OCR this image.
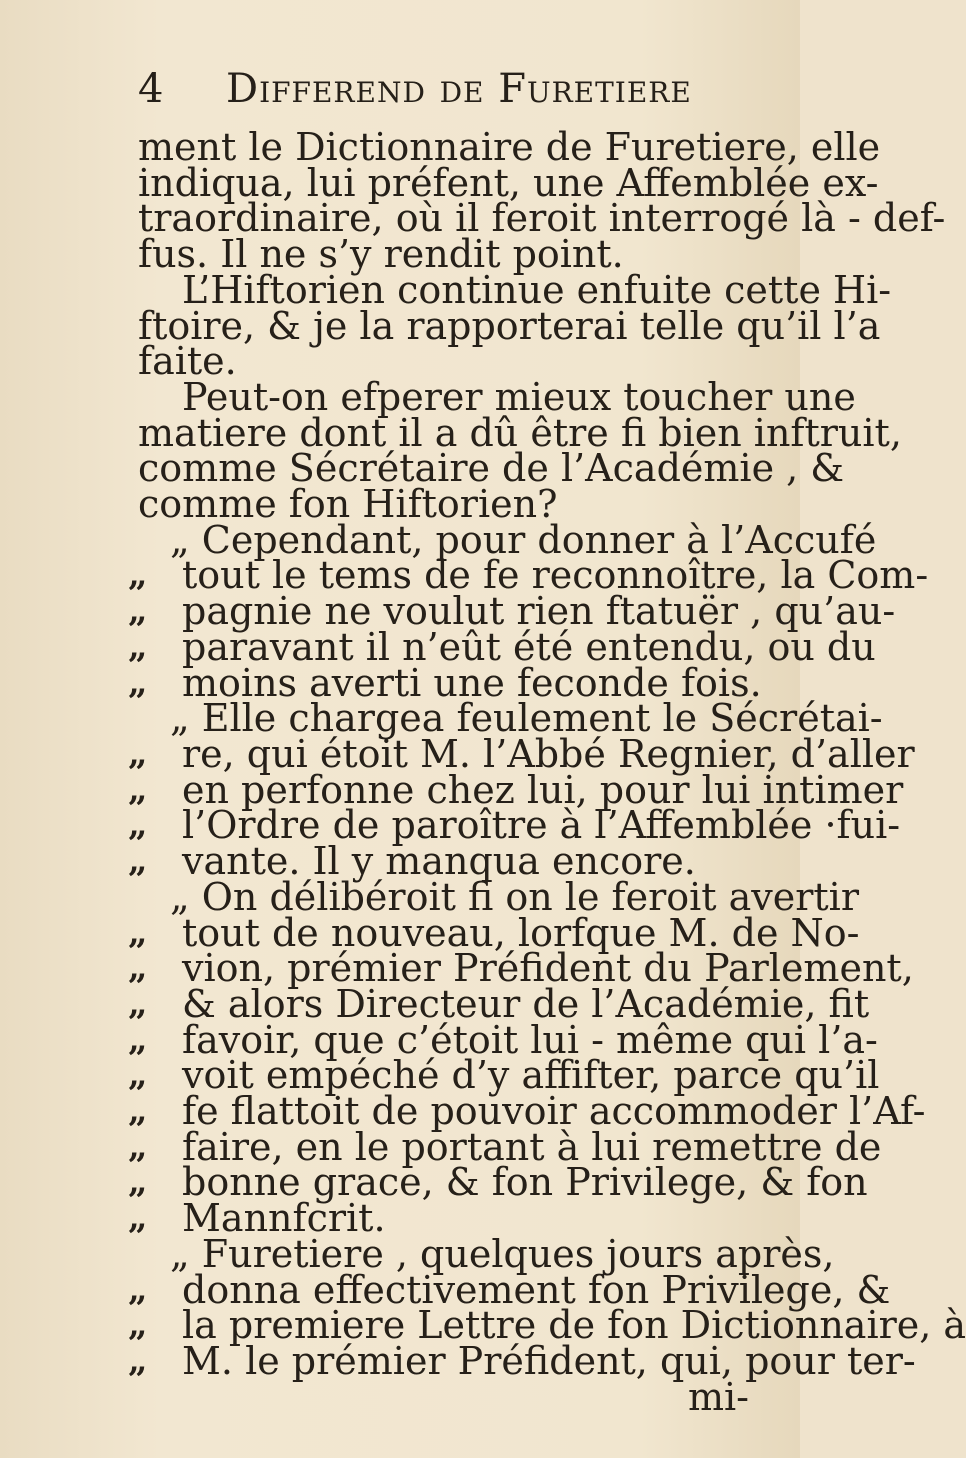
4 Differend de Furetiere
ment le Dictionnaire de Furetiere, elle
indiqua, lui préfent, une Affemblée ex-
traordinaire, où il feroit interrogé là - def-
fus. Il ne s’y rendit point.
L’Hiftorien continue enfuite cette Hi-
ftoire, & je la rapporterai telle qu’il l’a
faite.
Peut-on efperer mieux toucher une
matiere dont il a dû être fi bien inftruit,
comme Sécrétaire de l’Académie , &
comme fon Hiftorien?
„ Cependant, pour donner à l’Accufé
„ tout le tems de fe reconnoître, la Com-
„ pagnie ne voulut rien ftatuër , qu’au-
„ paravant il n’eût été entendu, ou du
„ moins averti une feconde fois.
„ Elle chargea feulement le Sécrétai-
„ re, qui étoit M. l’Abbé Regnier, d’aller
„ en perfonne chez lui, pour lui intimer
„ l’Ordre de paroître à l’Affemblée ·fui-
„ vante. Il y manqua encore.
„ On délibéroit fi on le feroit avertir
„ tout de nouveau, lorfque M. de No-
„ vion, prémier Préfident du Parlement,
„ & alors Directeur de l’Académie, fit
„ favoir, que c’étoit lui - même qui l’a-
„ voit empéché d’y affifter, parce qu’il
„ fe flattoit de pouvoir accommoder l’Af-
„ faire, en le portant à lui remettre de
„ bonne grace, & fon Privilege, & fon
„ Mannfcrit.
„ Furetiere , quelques jours après,
„ donna effectivement fon Privilege, &
„ la premiere Lettre de fon Dictionnaire, à
„ M. le prémier Préfident, qui, pour ter-
mi-
